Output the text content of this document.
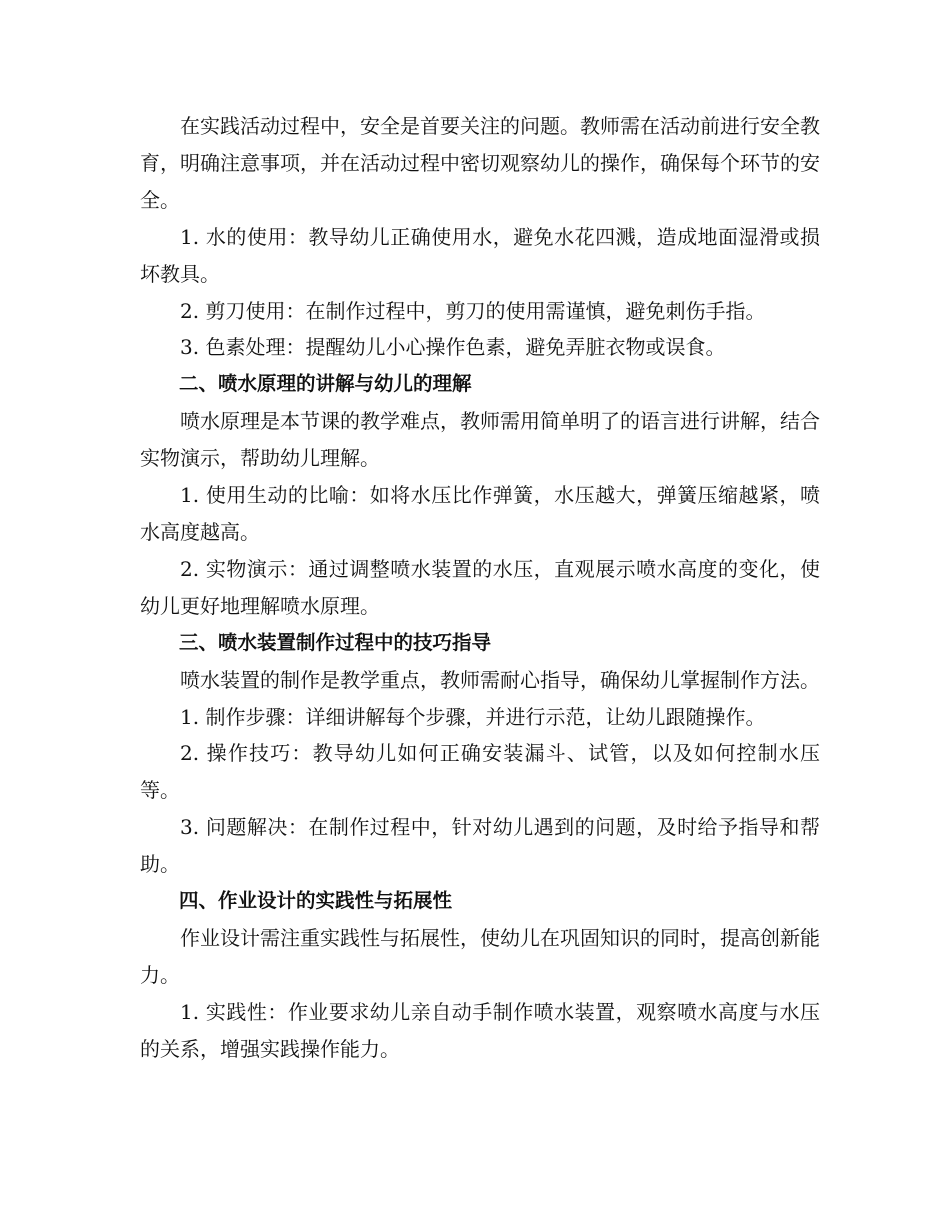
在实践活动过程中，安全是首要关注的问题。教师需在活动前进行安全教育，明确注意事项，并在活动过程中密切观察幼儿的操作，确保每个环节的安全。

1. 水的使用：教导幼儿正确使用水，避免水花四溅，造成地面湿滑或损坏教具。

2. 剪刀使用：在制作过程中，剪刀的使用需谨慎，避免刺伤手指。

3. 色素处理：提醒幼儿小心操作色素，避免弄脏衣物或误食。

二、喷水原理的讲解与幼儿的理解

喷水原理是本节课的教学难点，教师需用简单明了的语言进行讲解，结合实物演示，帮助幼儿理解。

1. 使用生动的比喻：如将水压比作弹簧，水压越大，弹簧压缩越紧，喷水高度越高。

2. 实物演示：通过调整喷水装置的水压，直观展示喷水高度的变化，使幼儿更好地理解喷水原理。

三、喷水装置制作过程中的技巧指导

喷水装置的制作是教学重点，教师需耐心指导，确保幼儿掌握制作方法。

1. 制作步骤：详细讲解每个步骤，并进行示范，让幼儿跟随操作。

2. 操作技巧：教导幼儿如何正确安装漏斗、试管，以及如何控制水压等。

3. 问题解决：在制作过程中，针对幼儿遇到的问题，及时给予指导和帮助。

四、作业设计的实践性与拓展性

作业设计需注重实践性与拓展性，使幼儿在巩固知识的同时，提高创新能力。

1. 实践性：作业要求幼儿亲自动手制作喷水装置，观察喷水高度与水压的关系，增强实践操作能力。
